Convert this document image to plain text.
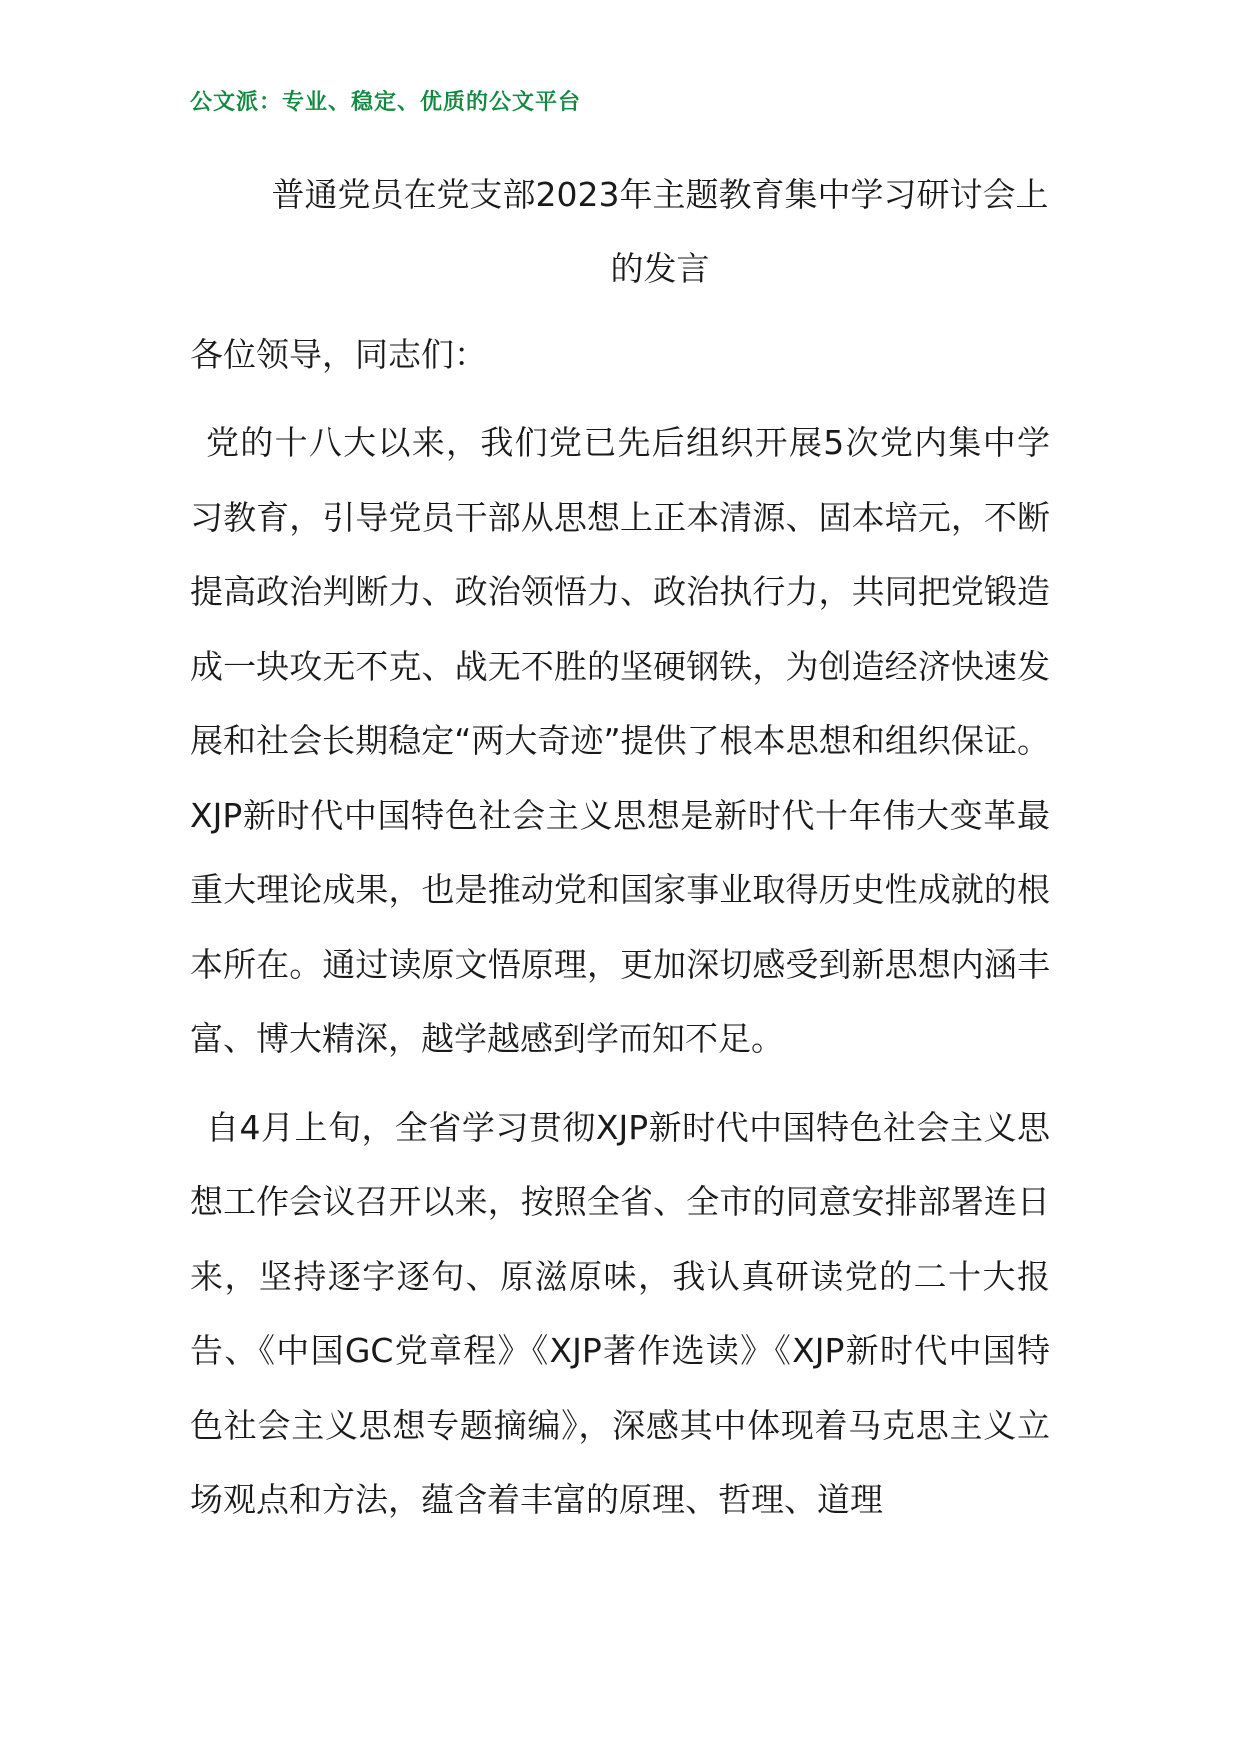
公文派：专业、稳定、优质的公文平台
普通党员在党支部2023年主题教育集中学习研讨会上的发言
各位领导，同志们：

党的十八大以来，我们党已先后组织开展5次党内集中学习教育，引导党员干部从思想上正本清源、固本培元，不断提高政治判断力、政治领悟力、政治执行力，共同把党锻造成一块攻无不克、战无不胜的坚硬钢铁，为创造经济快速发展和社会长期稳定“两大奇迹”提供了根本思想和组织保证。XJP新时代中国特色社会主义思想是新时代十年伟大变革最重大理论成果，也是推动党和国家事业取得历史性成就的根本所在。通过读原文悟原理，更加深切感受到新思想内涵丰富、博大精深，越学越感到学而知不足。

自4月上旬，全省学习贯彻XJP新时代中国特色社会主义思想工作会议召开以来，按照全省、全市的同意安排部署连日来，坚持逐字逐句、原滋原味，我认真研读党的二十大报告、《中国GC党章程》《XJP著作选读》《XJP新时代中国特色社会主义思想专题摘编》，深感其中体现着马克思主义立场观点和方法，蕴含着丰富的原理、哲理、道理
